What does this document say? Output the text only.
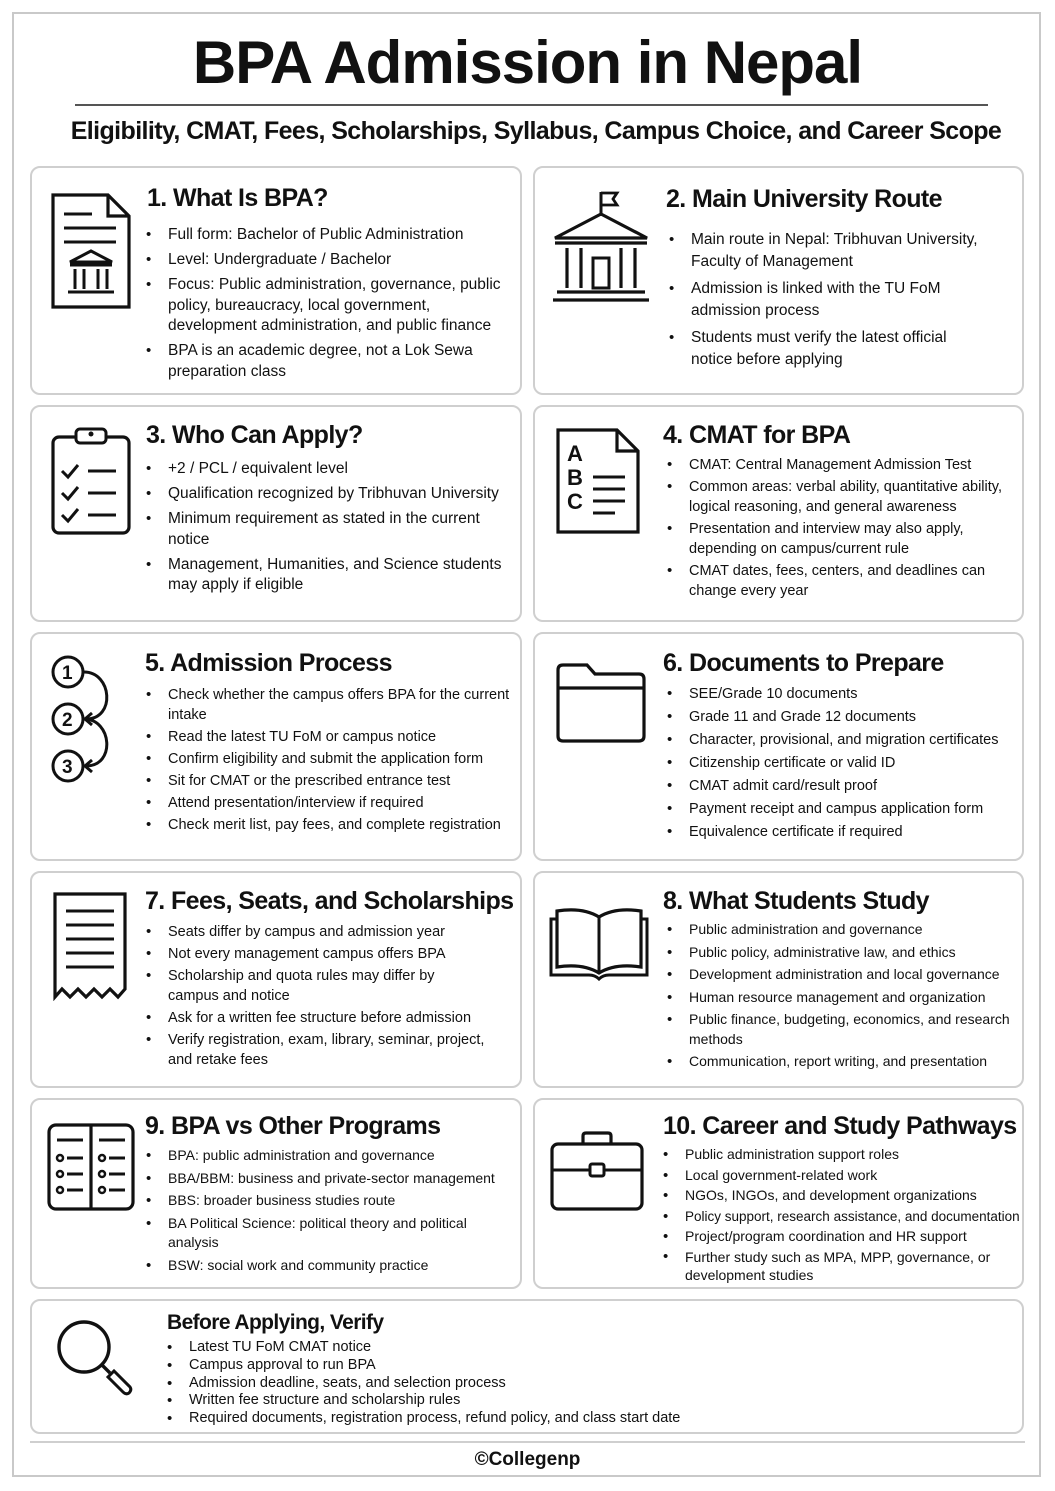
BPA Admission in Nepal

Eligibility, CMAT, Fees, Scholarships, Syllabus, Campus Choice, and Career Scope

1. What Is BPA?
• Full form: Bachelor of Public Administration
• Level: Undergraduate / Bachelor
• Focus: Public administration, governance, public policy, bureaucracy, local government, development administration, and public finance
• BPA is an academic degree, not a Lok Sewa preparation class
2. Main University Route
• Main route in Nepal: Tribhuvan University, Faculty of Management
• Admission is linked with the TU FoM admission process
• Students must verify the latest official notice before applying
3. Who Can Apply?
• +2 / PCL / equivalent level
• Qualification recognized by Tribhuvan University
• Minimum requirement as stated in the current notice
• Management, Humanities, and Science students may apply if eligible
A
B
C
4. CMAT for BPA
• CMAT: Central Management Admission Test
• Common areas: verbal ability, quantitative ability, logical reasoning, and general awareness
• Presentation and interview may also apply, depending on campus/current rule
• CMAT dates, fees, centers, and deadlines can change every year
1
2
3
5. Admission Process
• Check whether the campus offers BPA for the current intake
• Read the latest TU FoM or campus notice
• Confirm eligibility and submit the application form
• Sit for CMAT or the prescribed entrance test
• Attend presentation/interview if required
• Check merit list, pay fees, and complete registration
6. Documents to Prepare
• SEE/Grade 10 documents
• Grade 11 and Grade 12 documents
• Character, provisional, and migration certificates
• Citizenship certificate or valid ID
• CMAT admit card/result proof
• Payment receipt and campus application form
• Equivalence certificate if required
7. Fees, Seats, and Scholarships
• Seats differ by campus and admission year
• Not every management campus offers BPA
• Scholarship and quota rules may differ by campus and notice
• Ask for a written fee structure before admission
• Verify registration, exam, library, seminar, project, and retake fees
8. What Students Study
• Public administration and governance
• Public policy, administrative law, and ethics
• Development administration and local governance
• Human resource management and organization
• Public finance, budgeting, economics, and research methods
• Communication, report writing, and presentation
9. BPA vs Other Programs
• BPA: public administration and governance
• BBA/BBM: business and private-sector management
• BBS: broader business studies route
• BA Political Science: political theory and political analysis
• BSW: social work and community practice
10. Career and Study Pathways
• Public administration support roles
• Local government-related work
• NGOs, INGOs, and development organizations
• Policy support, research assistance, and documentation
• Project/program coordination and HR support
• Further study such as MPA, MPP, governance, or development studies
Before Applying, Verify
• Latest TU FoM CMAT notice
• Campus approval to run BPA
• Admission deadline, seats, and selection process
• Written fee structure and scholarship rules
• Required documents, registration process, refund policy, and class start date
©Collegenp
